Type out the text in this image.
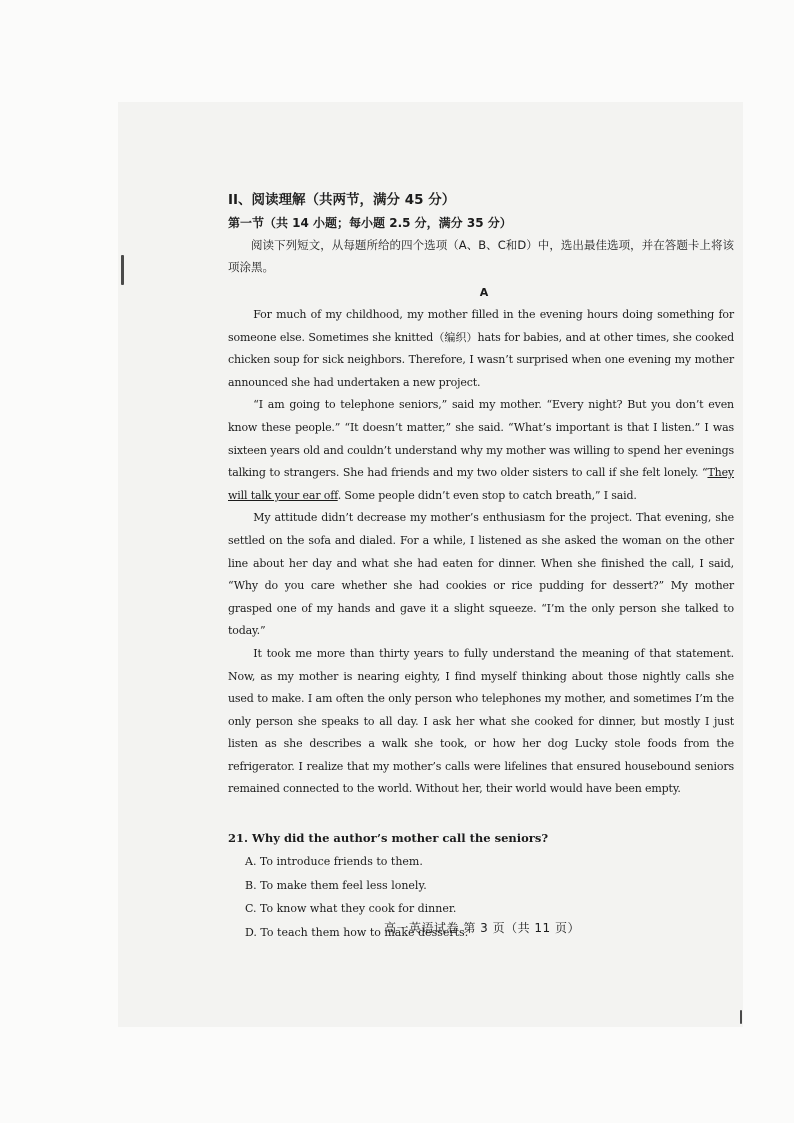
II、阅读理解（共两节，满分 45 分）
第一节（共 14 小题；每小题 2.5 分，满分 35 分）

阅读下列短文，从每题所给的四个选项（A、B、C和D）中，选出最佳选项，并在答题卡上将该项涂黑。

A

For much of my childhood, my mother filled in the evening hours doing something for someone else. Sometimes she knitted（编织）hats for babies, and at other times, she cooked chicken soup for sick neighbors. Therefore, I wasn’t surprised when one evening my mother announced she had undertaken a new project.

“I am going to telephone seniors,” said my mother. “Every night? But you don’t even know these people.” “It doesn’t matter,” she said. “What’s important is that I listen.” I was sixteen years old and couldn’t understand why my mother was willing to spend her evenings talking to strangers. She had friends and my two older sisters to call if she felt lonely. “They will talk your ear off. Some people didn’t even stop to catch breath,” I said.

My attitude didn’t decrease my mother’s enthusiasm for the project. That evening, she settled on the sofa and dialed. For a while, I listened as she asked the woman on the other line about her day and what she had eaten for dinner. When she finished the call, I said, “Why do you care whether she had cookies or rice pudding for dessert?” My mother grasped one of my hands and gave it a slight squeeze. “I’m the only person she talked to today.”

It took me more than thirty years to fully understand the meaning of that statement. Now, as my mother is nearing eighty, I find myself thinking about those nightly calls she used to make. I am often the only person who telephones my mother, and sometimes I’m the only person she speaks to all day. I ask her what she cooked for dinner, but mostly I just listen as she describes a walk she took, or how her dog Lucky stole foods from the refrigerator. I realize that my mother’s calls were lifelines that ensured housebound seniors remained connected to the world. Without her, their world would have been empty.

21. Why did the author’s mother call the seniors?

A. To introduce friends to them.

B. To make them feel less lonely.

C. To know what they cook for dinner.

D. To teach them how to make desserts.

高一英语试卷 第 3 页（共 11 页）
